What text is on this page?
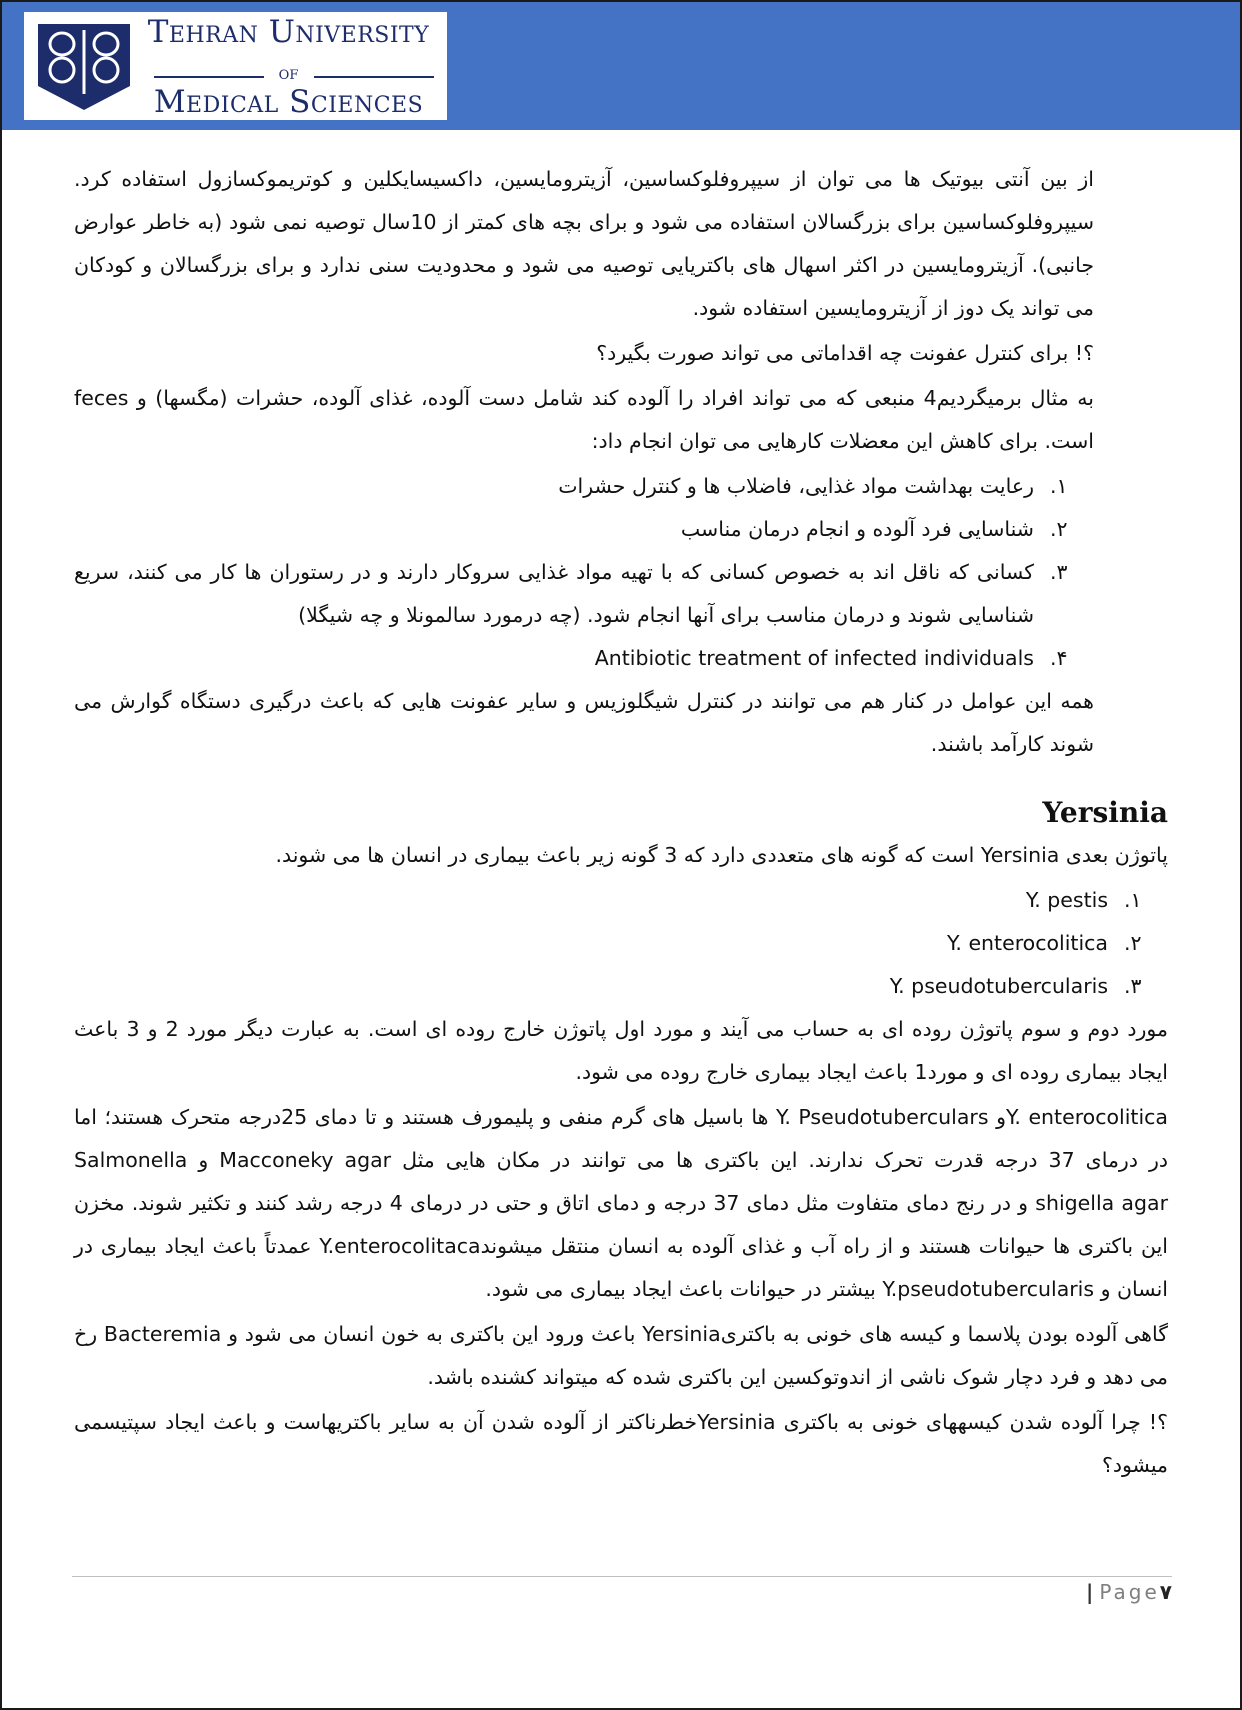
Tehran University
of
Medical Sciences

از بین آنتی بیوتیک ها می توان از سیپروفلوکساسین، آزیترومایسین، داکسیسایکلین و کوتریموکسازول استفاده کرد. سیپروفلوکساسین برای بزرگسالان استفاده می شود و برای بچه های کمتر از 10سال توصیه نمی شود (به خاطر عوارض جانبی). آزیترومایسین در اکثر اسهال های باکتریایی توصیه می شود و محدودیت سنی ندارد و برای بزرگسالان و کودکان می تواند یک دوز از آزیترومایسین استفاده شود.

؟! برای کنترل عفونت چه اقداماتی می تواند صورت بگیرد؟

به مثال برمیگردیم4 منبعی که می تواند افراد را آلوده کند شامل دست آلوده، غذای آلوده، حشرات (مگسها) و feces است. برای کاهش این معضلات کارهایی می توان انجام داد:

۱.
رعایت بهداشت مواد غذایی، فاضلاب ها و کنترل حشرات
۲.
شناسایی فرد آلوده و انجام درمان مناسب
۳.
کسانی که ناقل اند به خصوص کسانی که با تهیه مواد غذایی سروکار دارند و در رستوران ها کار می کنند، سریع شناسایی شوند و درمان مناسب برای آنها انجام شود. (چه درمورد سالمونلا و چه شیگلا)
۴.
Antibiotic treatment of infected individuals

همه این عوامل در کنار هم می توانند در کنترل شیگلوزیس و سایر عفونت هایی که باعث درگیری دستگاه گوارش می شوند کارآمد باشند.

Yersinia

پاتوژن بعدی Yersinia است که گونه های متعددی دارد که 3 گونه زیر باعث بیماری در انسان ها می شوند.

۱.
Y. pestis
۲.
Y. enterocolitica
۳.
Y. pseudotubercularis

مورد دوم و سوم پاتوژن روده ای به حساب می آیند و مورد اول پاتوژن خارج روده ای است. به عبارت دیگر مورد 2 و 3 باعث ایجاد بیماری روده ای و مورد1 باعث ایجاد بیماری خارج روده می شود.

Y. enterocoliticaو Y. Pseudotuberculars ها باسیل های گرم منفی و پلیمورف هستند و تا دمای 25درجه متحرک هستند؛ اما در درمای 37 درجه قدرت تحرک ندارند. این باکتری ها می توانند در مکان هایی مثل Macconeky agar و Salmonella shigella agar و در رنج دمای متفاوت مثل دمای 37 درجه و دمای اتاق و حتی در درمای 4 درجه رشد کنند و تکثیر شوند. مخزن این باکتری ها حیوانات هستند و از راه آب و غذای آلوده به انسان منتقل میشوندY.enterocolitaca عمدتاً باعث ایجاد بیماری در انسان و Y.pseudotubercularis بیشتر در حیوانات باعث ایجاد بیماری می شود.

گاهی آلوده بودن پلاسما و کیسه های خونی به باکتریYersinia باعث ورود این باکتری به خون انسان می شود و Bacteremia رخ می دهد و فرد دچار شوک ناشی از اندوتوکسین این باکتری شده که میتواند کشنده باشد.

؟! چرا آلوده شدن کیسههای خونی به باکتری Yersiniaخطرناکتر از آلوده شدن آن به سایر باکتریهاست و باعث ایجاد سپتیسمی میشود؟

| Page۷
